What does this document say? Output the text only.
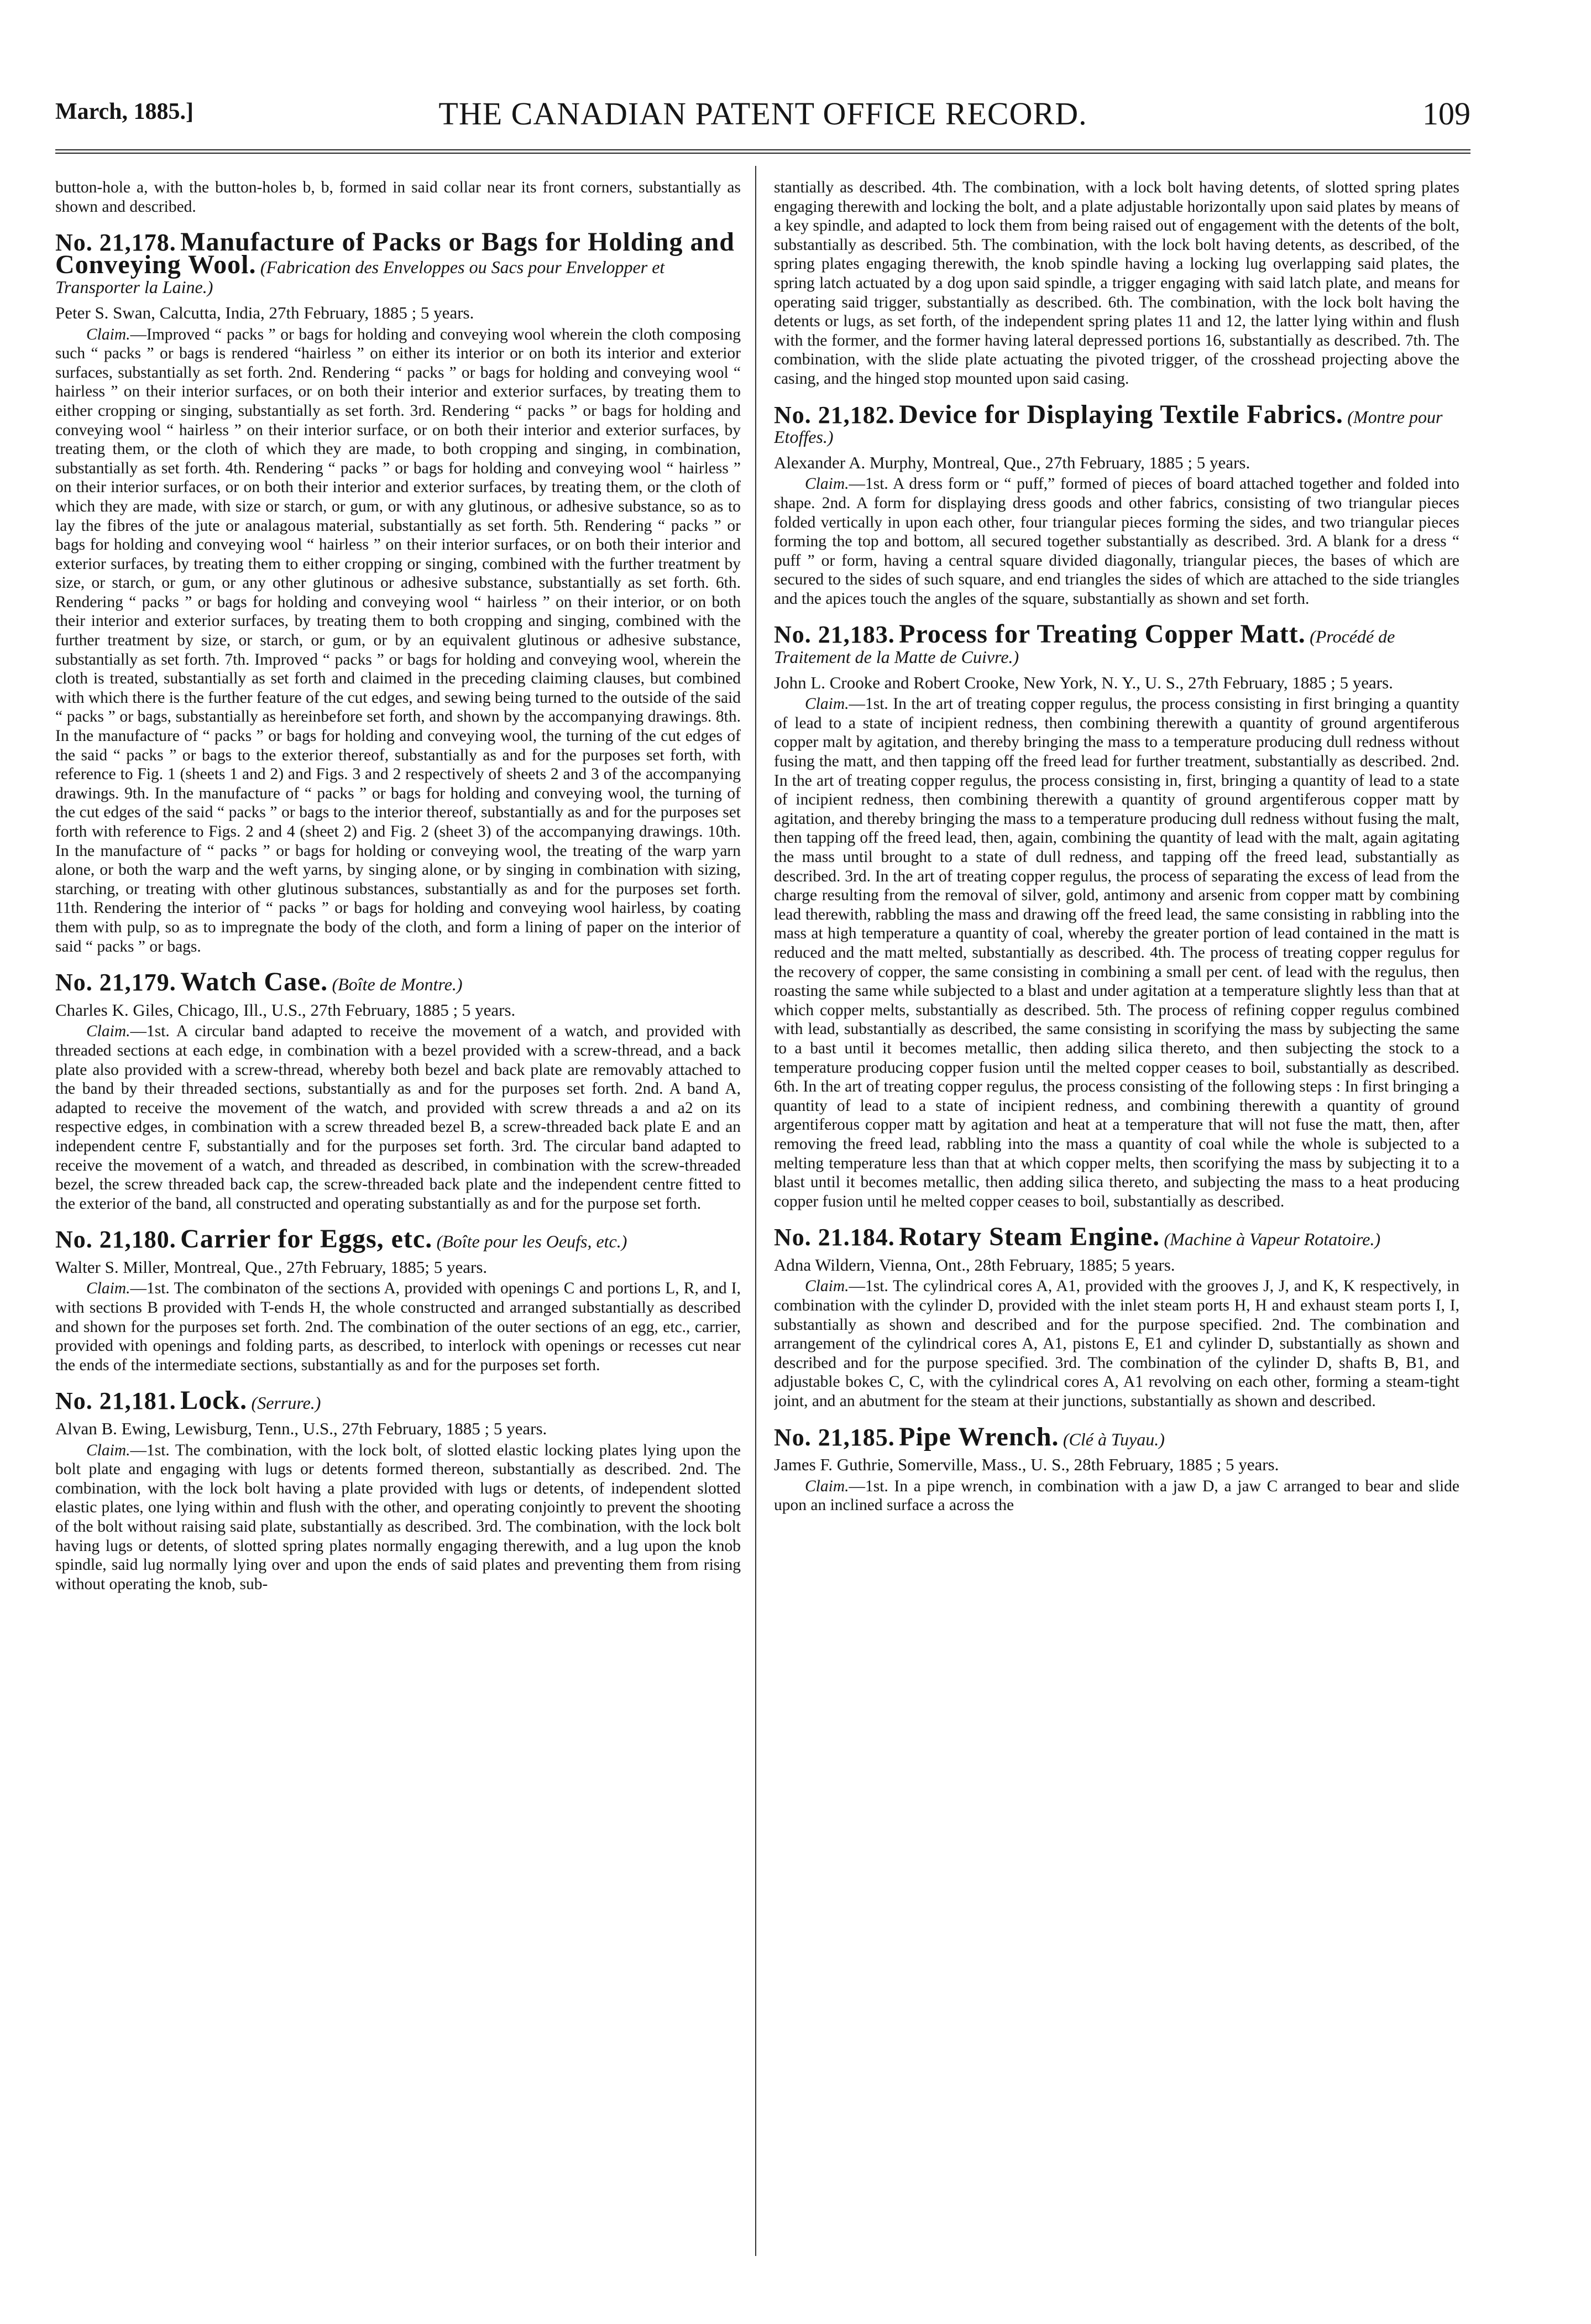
March, 1885.]	THE CANADIAN PATENT OFFICE RECORD.	109

button-hole a, with the button-holes b, b, formed in said collar near its front corners, substantially as shown and described.

No. 21,178. Manufacture of Packs or Bags for Holding and Conveying Wool. (Fabrication des Enveloppes ou Sacs pour Envelopper et Transporter la Laine.)

Peter S. Swan, Calcutta, India, 27th February, 1885 ; 5 years.

Claim.—Improved “ packs ” or bags for holding and conveying wool wherein the cloth composing such “ packs ” or bags is rendered “hairless ” on either its interior or on both its interior and exterior surfaces, substantially as set forth. 2nd. Rendering “ packs ” or bags for holding and conveying wool “ hairless ” on their interior surfaces, or on both their interior and exterior surfaces, by treating them to either cropping or singing, substantially as set forth. 3rd. Rendering “ packs ” or bags for holding and conveying wool “ hairless ” on their interior surface, or on both their interior and exterior surfaces, by treating them, or the cloth of which they are made, to both cropping and singing, in combination, substantially as set forth. 4th. Rendering “ packs ” or bags for holding and conveying wool “ hairless ” on their interior surfaces, or on both their interior and exterior surfaces, by treating them, or the cloth of which they are made, with size or starch, or gum, or with any glutinous, or adhesive substance, so as to lay the fibres of the jute or analagous material, substantially as set forth. 5th. Rendering “ packs ” or bags for holding and conveying wool “ hairless ” on their interior surfaces, or on both their interior and exterior surfaces, by treating them to either cropping or singing, combined with the further treatment by size, or starch, or gum, or any other glutinous or adhesive substance, substantially as set forth. 6th. Rendering “ packs ” or bags for holding and conveying wool “ hairless ” on their interior, or on both their interior and exterior surfaces, by treating them to both cropping and singing, combined with the further treatment by size, or starch, or gum, or by an equivalent glutinous or adhesive substance, substantially as set forth. 7th. Improved “ packs ” or bags for holding and conveying wool, wherein the cloth is treated, substantially as set forth and claimed in the preceding claiming clauses, but combined with which there is the further feature of the cut edges, and sewing being turned to the outside of the said “ packs ” or bags, substantially as hereinbefore set forth, and shown by the accompanying drawings. 8th. In the manufacture of “ packs ” or bags for holding and conveying wool, the turning of the cut edges of the said “ packs ” or bags to the exterior thereof, substantially as and for the purposes set forth, with reference to Fig. 1 (sheets 1 and 2) and Figs. 3 and 2 respectively of sheets 2 and 3 of the accompanying drawings. 9th. In the manufacture of “ packs ” or bags for holding and conveying wool, the turning of the cut edges of the said “ packs ” or bags to the interior thereof, substantially as and for the purposes set forth with reference to Figs. 2 and 4 (sheet 2) and Fig. 2 (sheet 3) of the accompanying drawings. 10th. In the manufacture of “ packs ” or bags for holding or conveying wool, the treating of the warp yarn alone, or both the warp and the weft yarns, by singing alone, or by singing in combination with sizing, starching, or treating with other glutinous substances, substantially as and for the purposes set forth. 11th. Rendering the interior of “ packs ” or bags for holding and conveying wool hairless, by coating them with pulp, so as to impregnate the body of the cloth, and form a lining of paper on the interior of said “ packs ” or bags.

No. 21,179. Watch Case. (Boîte de Montre.)

Charles K. Giles, Chicago, Ill., U.S., 27th February, 1885 ; 5 years.

Claim.—1st. A circular band adapted to receive the movement of a watch, and provided with threaded sections at each edge, in combination with a bezel provided with a screw-thread, and a back plate also provided with a screw-thread, whereby both bezel and back plate are removably attached to the band by their threaded sections, substantially as and for the purposes set forth. 2nd. A band A, adapted to receive the movement of the watch, and provided with screw threads a and a2 on its respective edges, in combination with a screw threaded bezel B, a screw-threaded back plate E and an independent centre F, substantially and for the purposes set forth. 3rd. The circular band adapted to receive the movement of a watch, and threaded as described, in combination with the screw-threaded bezel, the screw threaded back cap, the screw-threaded back plate and the independent centre fitted to the exterior of the band, all constructed and operating substantially as and for the purpose set forth.

No. 21,180. Carrier for Eggs, etc. (Boîte pour les Oeufs, etc.)

Walter S. Miller, Montreal, Que., 27th February, 1885; 5 years.

Claim.—1st. The combinaton of the sections A, provided with openings C and portions L, R, and I, with sections B provided with T-ends H, the whole constructed and arranged substantially as described and shown for the purposes set forth. 2nd. The combination of the outer sections of an egg, etc., carrier, provided with openings and folding parts, as described, to interlock with openings or recesses cut near the ends of the intermediate sections, substantially as and for the purposes set forth.

No. 21,181. Lock. (Serrure.)

Alvan B. Ewing, Lewisburg, Tenn., U.S., 27th February, 1885 ; 5 years.

Claim.—1st. The combination, with the lock bolt, of slotted elastic locking plates lying upon the bolt plate and engaging with lugs or detents formed thereon, substantially as described. 2nd. The combination, with the lock bolt having a plate provided with lugs or detents, of independent slotted elastic plates, one lying within and flush with the other, and operating conjointly to prevent the shooting of the bolt without raising said plate, substantially as described. 3rd. The combination, with the lock bolt having lugs or detents, of slotted spring plates normally engaging therewith, and a lug upon the knob spindle, said lug normally lying over and upon the ends of said plates and preventing them from rising without operating the knob, sub-

stantially as described. 4th. The combination, with a lock bolt having detents, of slotted spring plates engaging therewith and locking the bolt, and a plate adjustable horizontally upon said plates by means of a key spindle, and adapted to lock them from being raised out of engagement with the detents of the bolt, substantially as described. 5th. The combination, with the lock bolt having detents, as described, of the spring plates engaging therewith, the knob spindle having a locking lug overlapping said plates, the spring latch actuated by a dog upon said spindle, a trigger engaging with said latch plate, and means for operating said trigger, substantially as described. 6th. The combination, with the lock bolt having the detents or lugs, as set forth, of the independent spring plates 11 and 12, the latter lying within and flush with the former, and the former having lateral depressed portions 16, substantially as described. 7th. The combination, with the slide plate actuating the pivoted trigger, of the crosshead projecting above the casing, and the hinged stop mounted upon said casing.

No. 21,182. Device for Displaying Textile Fabrics. (Montre pour Etoffes.)

Alexander A. Murphy, Montreal, Que., 27th February, 1885 ; 5 years.

Claim.—1st. A dress form or “ puff,” formed of pieces of board attached together and folded into shape. 2nd. A form for displaying dress goods and other fabrics, consisting of two triangular pieces folded vertically in upon each other, four triangular pieces forming the sides, and two triangular pieces forming the top and bottom, all secured together substantially as described. 3rd. A blank for a dress “ puff ” or form, having a central square divided diagonally, triangular pieces, the bases of which are secured to the sides of such square, and end triangles the sides of which are attached to the side triangles and the apices touch the angles of the square, substantially as shown and set forth.

No. 21,183. Process for Treating Copper Matt. (Procédé de Traitement de la Matte de Cuivre.)

John L. Crooke and Robert Crooke, New York, N. Y., U. S., 27th February, 1885 ; 5 years.

Claim.—1st. In the art of treating copper regulus, the process consisting in first bringing a quantity of lead to a state of incipient redness, then combining therewith a quantity of ground argentiferous copper malt by agitation, and thereby bringing the mass to a temperature producing dull redness without fusing the matt, and then tapping off the freed lead for further treatment, substantially as described. 2nd. In the art of treating copper regulus, the process consisting in, first, bringing a quantity of lead to a state of incipient redness, then combining therewith a quantity of ground argentiferous copper matt by agitation, and thereby bringing the mass to a temperature producing dull redness without fusing the malt, then tapping off the freed lead, then, again, combining the quantity of lead with the malt, again agitating the mass until brought to a state of dull redness, and tapping off the freed lead, substantially as described. 3rd. In the art of treating copper regulus, the process of separating the excess of lead from the charge resulting from the removal of silver, gold, antimony and arsenic from copper matt by combining lead therewith, rabbling the mass and drawing off the freed lead, the same consisting in rabbling into the mass at high temperature a quantity of coal, whereby the greater portion of lead contained in the matt is reduced and the matt melted, substantially as described. 4th. The process of treating copper regulus for the recovery of copper, the same consisting in combining a small per cent. of lead with the regulus, then roasting the same while subjected to a blast and under agitation at a temperature slightly less than that at which copper melts, substantially as described. 5th. The process of refining copper regulus combined with lead, substantially as described, the same consisting in scorifying the mass by subjecting the same to a bast until it becomes metallic, then adding silica thereto, and then subjecting the stock to a temperature producing copper fusion until the melted copper ceases to boil, substantially as described. 6th. In the art of treating copper regulus, the process consisting of the following steps : In first bringing a quantity of lead to a state of incipient redness, and combining therewith a quantity of ground argentiferous copper matt by agitation and heat at a temperature that will not fuse the matt, then, after removing the freed lead, rabbling into the mass a quantity of coal while the whole is subjected to a melting temperature less than that at which copper melts, then scorifying the mass by subjecting it to a blast until it becomes metallic, then adding silica thereto, and subjecting the mass to a heat producing copper fusion until he melted copper ceases to boil, substantially as described.

No. 21.184. Rotary Steam Engine. (Machine à Vapeur Rotatoire.)

Adna Wildern, Vienna, Ont., 28th February, 1885; 5 years.

Claim.—1st. The cylindrical cores A, A1, provided with the grooves J, J, and K, K respectively, in combination with the cylinder D, provided with the inlet steam ports H, H and exhaust steam ports I, I, substantially as shown and described and for the purpose specified. 2nd. The combination and arrangement of the cylindrical cores A, A1, pistons E, E1 and cylinder D, substantially as shown and described and for the purpose specified. 3rd. The combination of the cylinder D, shafts B, B1, and adjustable bokes C, C, with the cylindrical cores A, A1 revolving on each other, forming a steam-tight joint, and an abutment for the steam at their junctions, substantially as shown and described.

No. 21,185. Pipe Wrench. (Clé à Tuyau.)

James F. Guthrie, Somerville, Mass., U. S., 28th February, 1885 ; 5 years.

Claim.—1st. In a pipe wrench, in combination with a jaw D, a jaw C arranged to bear and slide upon an inclined surface a across the
